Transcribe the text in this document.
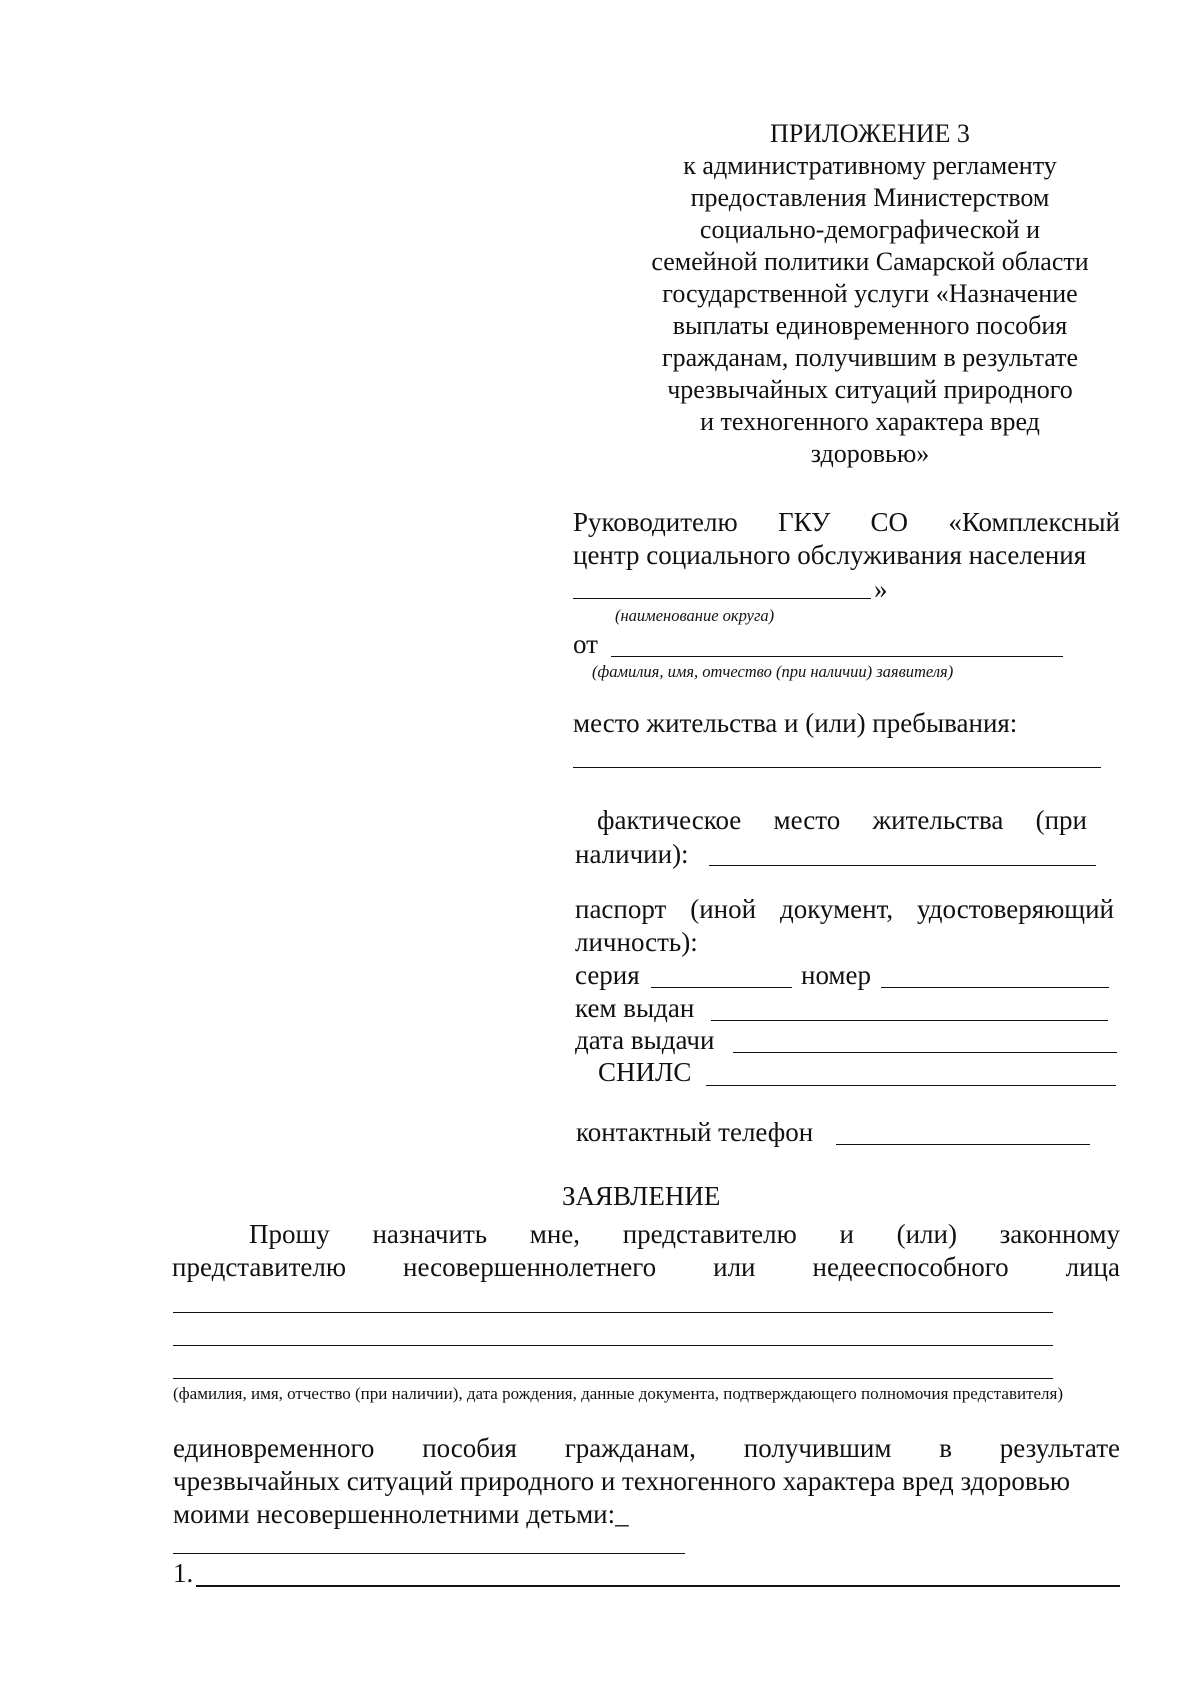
ПРИЛОЖЕНИЕ 3
к административному регламенту
предоставления Министерством
социально-демографической и
семейной политики Самарской области
государственной услуги «Назначение
выплаты единовременного пособия
гражданам, получившим в результате
чрезвычайных ситуаций природного
и техногенного характера вред
здоровью»
Руководителю ГКУ СО «Комплексный
центр социального обслуживания населения
»
(наименование округа)
от
(фамилия, имя, отчество (при наличии) заявителя)
место жительства и (или) пребывания:
фактическое место жительства (при
наличии):
паспорт (иной документ, удостоверяющий
личность):
серия	номер
кем выдан
дата выдачи
СНИЛС
контактный телефон
ЗАЯВЛЕНИЕ
Прошу назначить мне, представителю и (или) законному
представителю несовершеннолетнего или недееспособного лица
(фамилия, имя, отчество (при наличии), дата рождения, данные документа, подтверждающего полномочия представителя)
единовременного пособия гражданам, получившим в результате
чрезвычайных ситуаций природного и техногенного характера вред здоровью
моими несовершеннолетними детьми:_
1.
